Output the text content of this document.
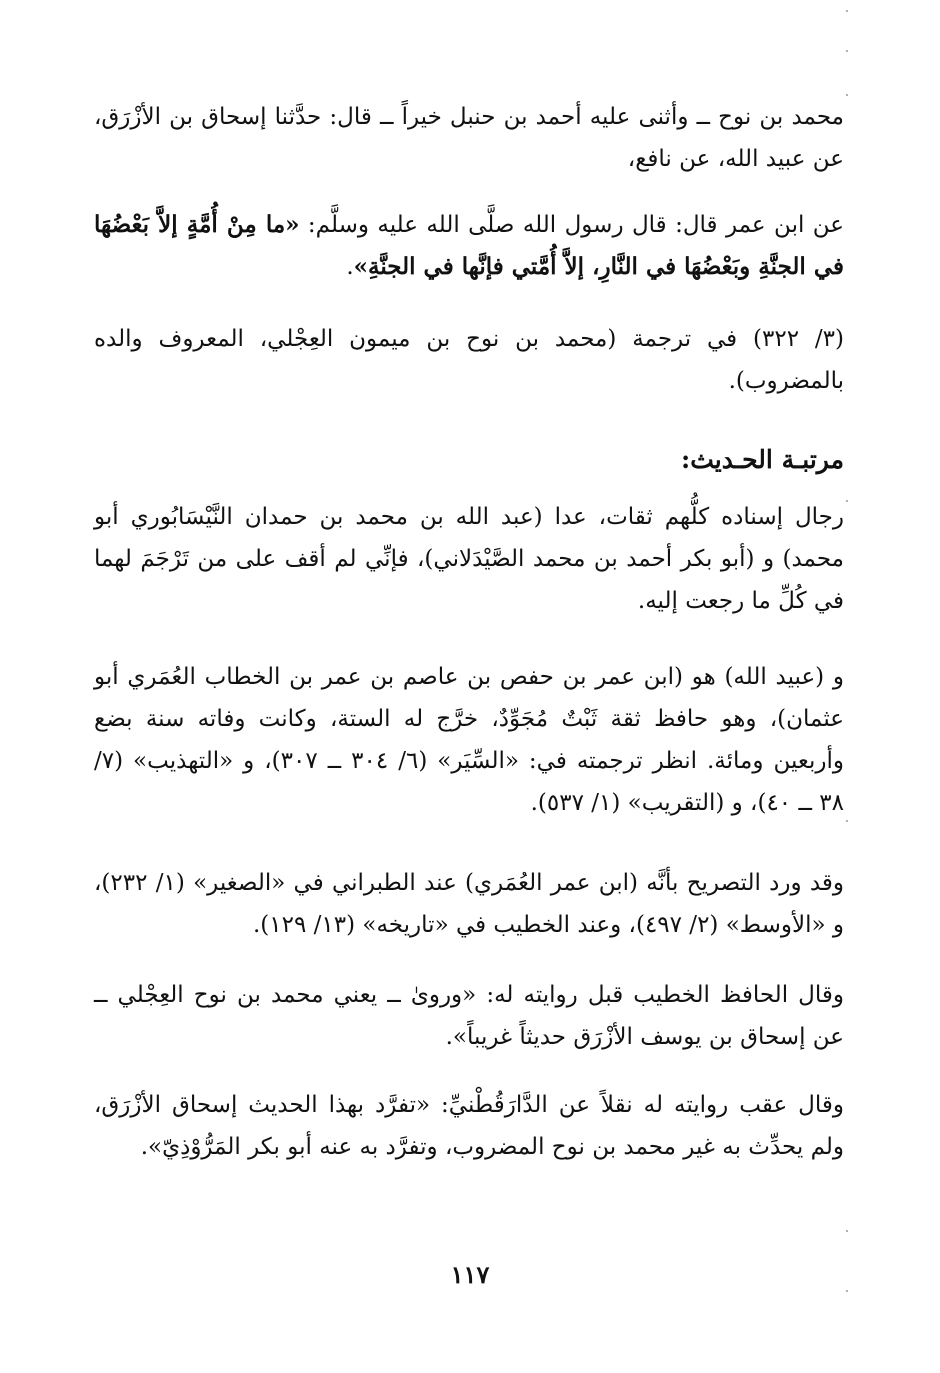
محمد بن نوح ــ وأثنى عليه أحمد بن حنبل خيراً ــ قال: حدَّثنا إسحاق بن الأزْرَق، عن عبيد الله، عن نافع،

عن ابن عمر قال: قال رسول الله صلَّى الله عليه وسلَّم: «ما مِنْ أُمَّةٍ إلاَّ بَعْضُهَا في الجنَّةِ وبَعْضُهَا في النَّارِ، إلاَّ أُمَّتي فإنَّها في الجنَّةِ».

(٣/ ٣٢٢) في ترجمة (محمد بن نوح بن ميمون العِجْلي، المعروف والده بالمضروب).

مرتبـة الحـديث:

رجال إسناده كلُّهم ثقات، عدا (عبد الله بن محمد بن حمدان النَّيْسَابُوري أبو محمد) و (أبو بكر أحمد بن محمد الصَّيْدَلاني)، فإنِّي لم أقف على من تَرْجَمَ لهما في كُلِّ ما رجعت إليه.

و (عبيد الله) هو (ابن عمر بن حفص بن عاصم بن عمر بن الخطاب العُمَري أبو عثمان)، وهو حافظ ثقة ثَبْتٌ مُجَوِّدٌ، خرَّج له الستة، وكانت وفاته سنة بضع وأربعين ومائة. انظر ترجمته في: «السِّيَر» (٦/ ٣٠٤ ــ ٣٠٧)، و «التهذيب» (٧/ ٣٨ ــ ٤٠)، و (التقريب» (١/ ٥٣٧).

وقد ورد التصريح بأنَّه (ابن عمر العُمَري) عند الطبراني في «الصغير» (١/ ٢٣٢)، و «الأوسط» (٢/ ٤٩٧)، وعند الخطيب في «تاريخه» (١٣/ ١٢٩).

وقال الحافظ الخطيب قبل روايته له: «وروىٰ ــ يعني محمد بن نوح العِجْلي ــ عن إسحاق بن يوسف الأزْرَق حديثاً غريباً».

وقال عقب روايته له نقلاً عن الدَّارَقُطْنيِّ: «تفرَّد بهذا الحديث إسحاق الأزْرَق، ولم يحدِّث به غير محمد بن نوح المضروب، وتفرَّد به عنه أبو بكر المَرُّوْذِيّ».

١١٧
